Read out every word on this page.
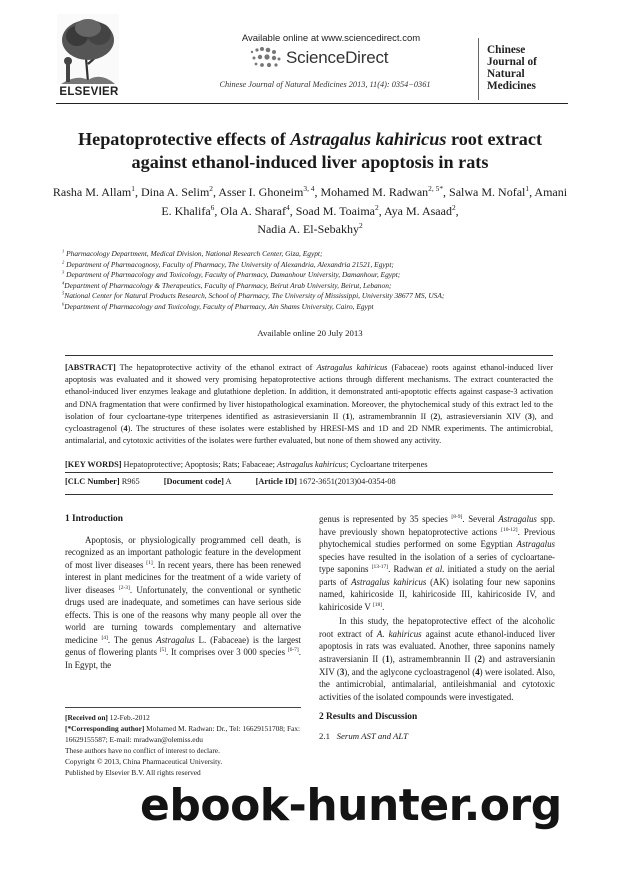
ELSEVIER
Available online at www.sciencedirect.com
ScienceDirect
Chinese Journal of Natural Medicines 2013, 11(4): 0354−0361
Chinese
Journal of
Natural
Medicines
Hepatoprotective effects of Astragalus kahiricus root extract
against ethanol-induced liver apoptosis in rats
Rasha M. Allam$^1$, Dina A. Selim$^2$, Asser I. Ghoneim$^{3, 4}$, Mohamed M. Radwan$^{2, 5*}$, Salwa M. Nofal$^1$, Amani E. Khalifa$^6$, Ola A. Sharaf$^4$, Soad M. Toaima$^2$, Aya M. Asaad$^2$,
Nadia A. El-Sebakhy$^2$
$^1$ Pharmacology Department, Medical Division, National Research Center, Giza, Egypt;
$^2$ Department of Pharmacognosy, Faculty of Pharmacy, The University of Alexandria, Alexandria 21521, Egypt;
$^3$ Department of Pharmacology and Toxicology, Faculty of Pharmacy, Damanhour University, Damanhour, Egypt;
$^4$Department of Pharmacology & Therapeutics, Faculty of Pharmacy, Beirut Arab University, Beirut, Lebanon;
$^5$National Center for Natural Products Research, School of Pharmacy, The University of Mississippi, University 38677 MS, USA;
$^6$Department of Pharmacology and Toxicology, Faculty of Pharmacy, Ain Shams University, Cairo, Egypt
Available online 20 July 2013
[ABSTRACT] The hepatoprotective activity of the ethanol extract of Astragalus kahiricus (Fabaceae) roots against ethanol-induced liver apoptosis was evaluated and it showed very promising hepatoprotective actions through different mechanisms. The extract counteracted the ethanol-induced liver enzymes leakage and glutathione depletion. In addition, it demonstrated anti-apoptotic effects against caspase-3 activation and DNA fragmentation that were confirmed by liver histopathological examination. Moreover, the phytochemical study of this extract led to the isolation of four cycloartane-type triterpenes identified as astrasieversianin II (1), astramembrannin II (2), astrasieversianin XIV (3), and cycloastragenol (4). The structures of these isolates were established by HRESI-MS and 1D and 2D NMR experiments. The antimicrobial, antimalarial, and cytotoxic activities of the isolates were further evaluated, but none of them showed any activity.
[KEY WORDS] Hepatoprotective; Apoptosis; Rats; Fabaceae; Astragalus kahiricus; Cycloartane triterpenes
[CLC Number] R965	[Document code] A	[Article ID] 1672-3651(2013)04-0354-08
1 Introduction

Apoptosis, or physiologically programmed cell death, is recognized as an important pathologic feature in the development of most liver diseases [1]. In recent years, there has been renewed interest in plant medicines for the treatment of a wide variety of liver diseases [2-3]. Unfortunately, the conventional or synthetic drugs used are inadequate, and sometimes can have serious side effects. This is one of the reasons why many people all over the world are turning towards complementary and alternative medicine [4]. The genus Astragalus L. (Fabaceae) is the largest genus of flowering plants [5]. It comprises over 3 000 species [6-7]. In Egypt, the

[Received on] 12-Feb.-2012
[*Corresponding author] Mohamed M. Radwan: Dr., Tel: 16629151708; Fax: 16629155587; E-mail: mradwan@olemiss.edu
These authors have no conflict of interest to declare.
Copyright © 2013, China Pharmaceutical University.
Published by Elsevier B.V. All rights reserved

genus is represented by 35 species [8-9]. Several Astragalus spp. have previously shown hepatoprotective actions [10-12]. Previous phytochemical studies performed on some Egyptian Astragalus species have resulted in the isolation of a series of cycloartane-type saponins [13-17]. Radwan et al. initiated a study on the aerial parts of Astragalus kahiricus (AK) isolating four new saponins named, kahiricoside II, kahiricoside III, kahiricoside IV, and kahiricoside V [18].

In this study, the hepatoprotective effect of the alcoholic root extract of A. kahiricus against acute ethanol-induced liver apoptosis in rats was evaluated. Another, three saponins namely astraversianin II (1), astramembrannin II (2) and astraversianin XIV (3), and the aglycone cycloastragenol (4) were isolated. Also, the antimicrobial, antimalarial, antileishmanial and cytotoxic activities of the isolated compounds were investigated.

2 Results and Discussion
2.1   Serum AST and ALT
ebook-hunter.org
